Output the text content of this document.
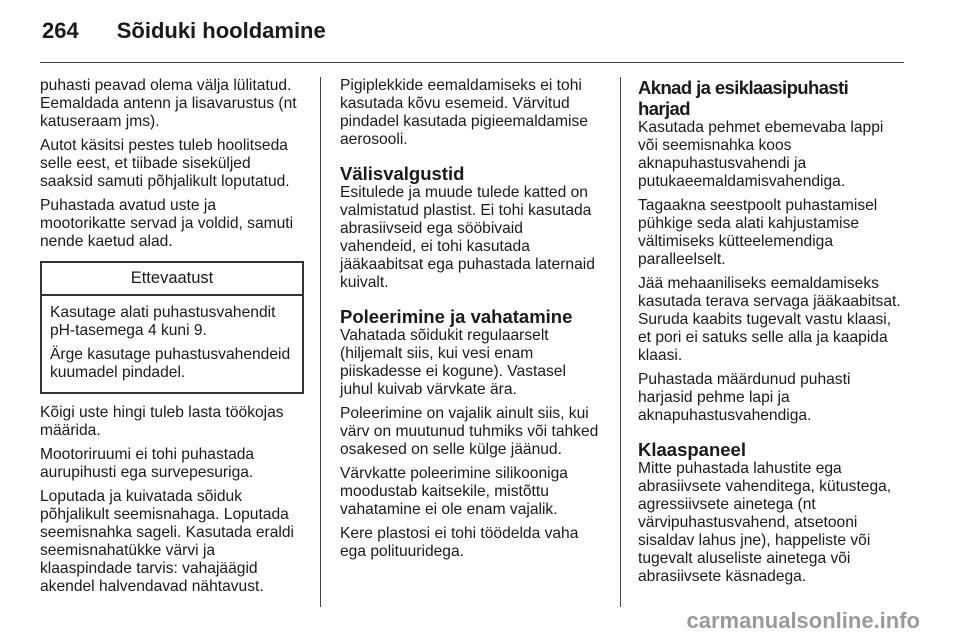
264 Sõiduki hooldamine

puhasti peavad olema välja lülitatud. Eemaldada antenn ja lisavarustus (nt katuseraam jms).

Autot käsitsi pestes tuleb hoolitseda selle eest, et tiibade siseküljed saaksid samuti põhjalikult loputatud.

Puhastada avatud uste ja mootorikatte servad ja voldid, samuti nende kaetud alad.

Ettevaatust

Kasutage alati puhastusvahendit pH-tasemega 4 kuni 9.

Ärge kasutage puhastusvahendeid kuumadel pindadel.

Kõigi uste hingi tuleb lasta töökojas määrida.

Mootoriruumi ei tohi puhastada aurupihusti ega survepesuriga.

Loputada ja kuivatada sõiduk põhjalikult seemisnahaga. Loputada seemisnahka sageli. Kasutada eraldi seemisnahatükke värvi ja klaaspindade tarvis: vahajäägid akendel halvendavad nähtavust.

Pigiplekkide eemaldamiseks ei tohi kasutada kõvu esemeid. Värvitud pindadel kasutada pigieemaldamise aerosooli.

Välisvalgustid

Esitulede ja muude tulede katted on valmistatud plastist. Ei tohi kasutada abrasiivseid ega sööbivaid vahendeid, ei tohi kasutada jääkaabitsat ega puhastada laternaid kuivalt.

Poleerimine ja vahatamine

Vahatada sõidukit regulaarselt (hiljemalt siis, kui vesi enam piiskadesse ei kogune). Vastasel juhul kuivab värvkate ära.

Poleerimine on vajalik ainult siis, kui värv on muutunud tuhmiks või tahked osakesed on selle külge jäänud.

Värvkatte poleerimine silikooniga moodustab kaitsekile, mistõttu vahatamine ei ole enam vajalik.

Kere plastosi ei tohi töödelda vaha ega polituuridega.

Aknad ja esiklaasipuhasti harjad

Kasutada pehmet ebemevaba lappi või seemisnahka koos aknapuhastusvahendi ja putukaeemaldamisvahendiga.

Tagaakna seestpoolt puhastamisel pühkige seda alati kahjustamise vältimiseks kütteelemendiga paralleelselt.

Jää mehaaniliseks eemaldamiseks kasutada terava servaga jääkaabitsat. Suruda kaabits tugevalt vastu klaasi, et pori ei satuks selle alla ja kaapida klaasi.

Puhastada määrdunud puhasti harjasid pehme lapi ja aknapuhastusvahendiga.

Klaaspaneel

Mitte puhastada lahustite ega abrasiivsete vahenditega, kütustega, agressiivsete ainetega (nt värvipuhastusvahend, atsetooni sisaldav lahus jne), happeliste või tugevalt aluseliste ainetega või abrasiivsete käsnadega.

carmanualsonline.info
